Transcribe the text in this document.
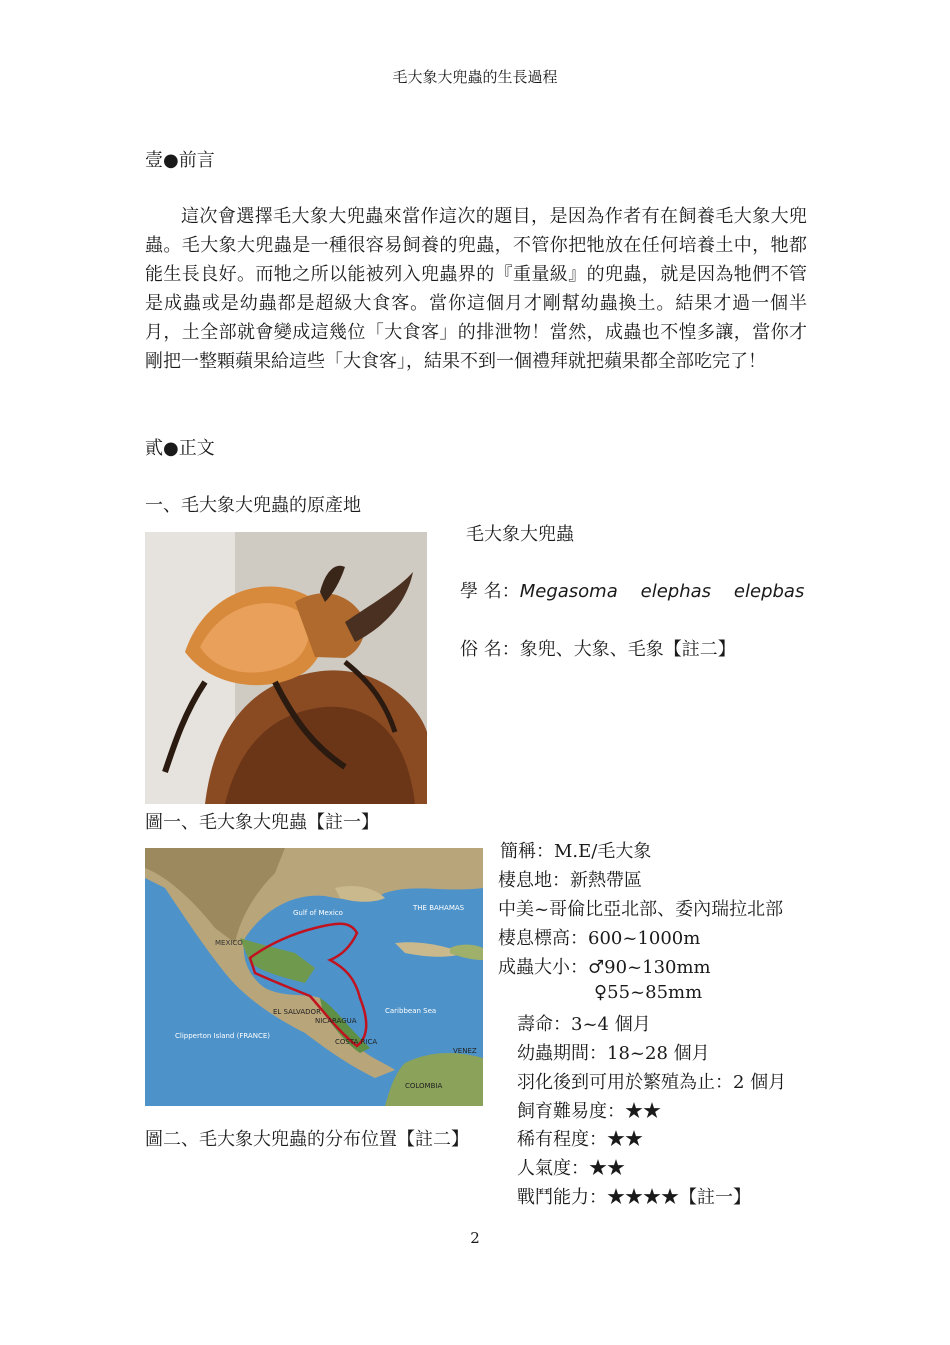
毛大象大兜蟲的生長過程
壹●前言
這次會選擇毛大象大兜蟲來當作這次的題目，是因為作者有在飼養毛大象大兜蟲。毛大象大兜蟲是一種很容易飼養的兜蟲，不管你把牠放在任何培養土中，牠都能生長良好。而牠之所以能被列入兜蟲界的『重量級』的兜蟲，就是因為牠們不管是成蟲或是幼蟲都是超級大食客。當你這個月才剛幫幼蟲換土。結果才過一個半月，土全部就會變成這幾位「大食客」的排泄物！當然，成蟲也不惶多讓，當你才剛把一整顆蘋果給這些「大食客」，結果不到一個禮拜就把蘋果都全部吃完了！
貳●正文
一、毛大象大兜蟲的原產地
毛大象大兜蟲
學 名：Megasoma    elephas    elepbas
俗 名：象兜、大象、毛象【註二】
圖一、毛大象大兜蟲【註一】
Gulf of Mexico
THE BAHAMAS
MEXICO
Caribbean Sea
EL SALVADOR
NICARAGUA
COSTA RICA
COLOMBIA
VENEZ
Clipperton Island (FRANCE)
圖二、毛大象大兜蟲的分布位置【註二】
簡稱：M.E/毛大象
棲息地：新熱帶區
中美~哥倫比亞北部、委內瑞拉北部
棲息標高：600~1000m
成蟲大小：♂90~130mm
♀55~85mm
壽命：3~4 個月
幼蟲期間：18~28 個月
羽化後到可用於繁殖為止：2 個月
飼育難易度：★★
稀有程度：★★
人氣度：★★
戰鬥能力：★★★★【註一】
2
